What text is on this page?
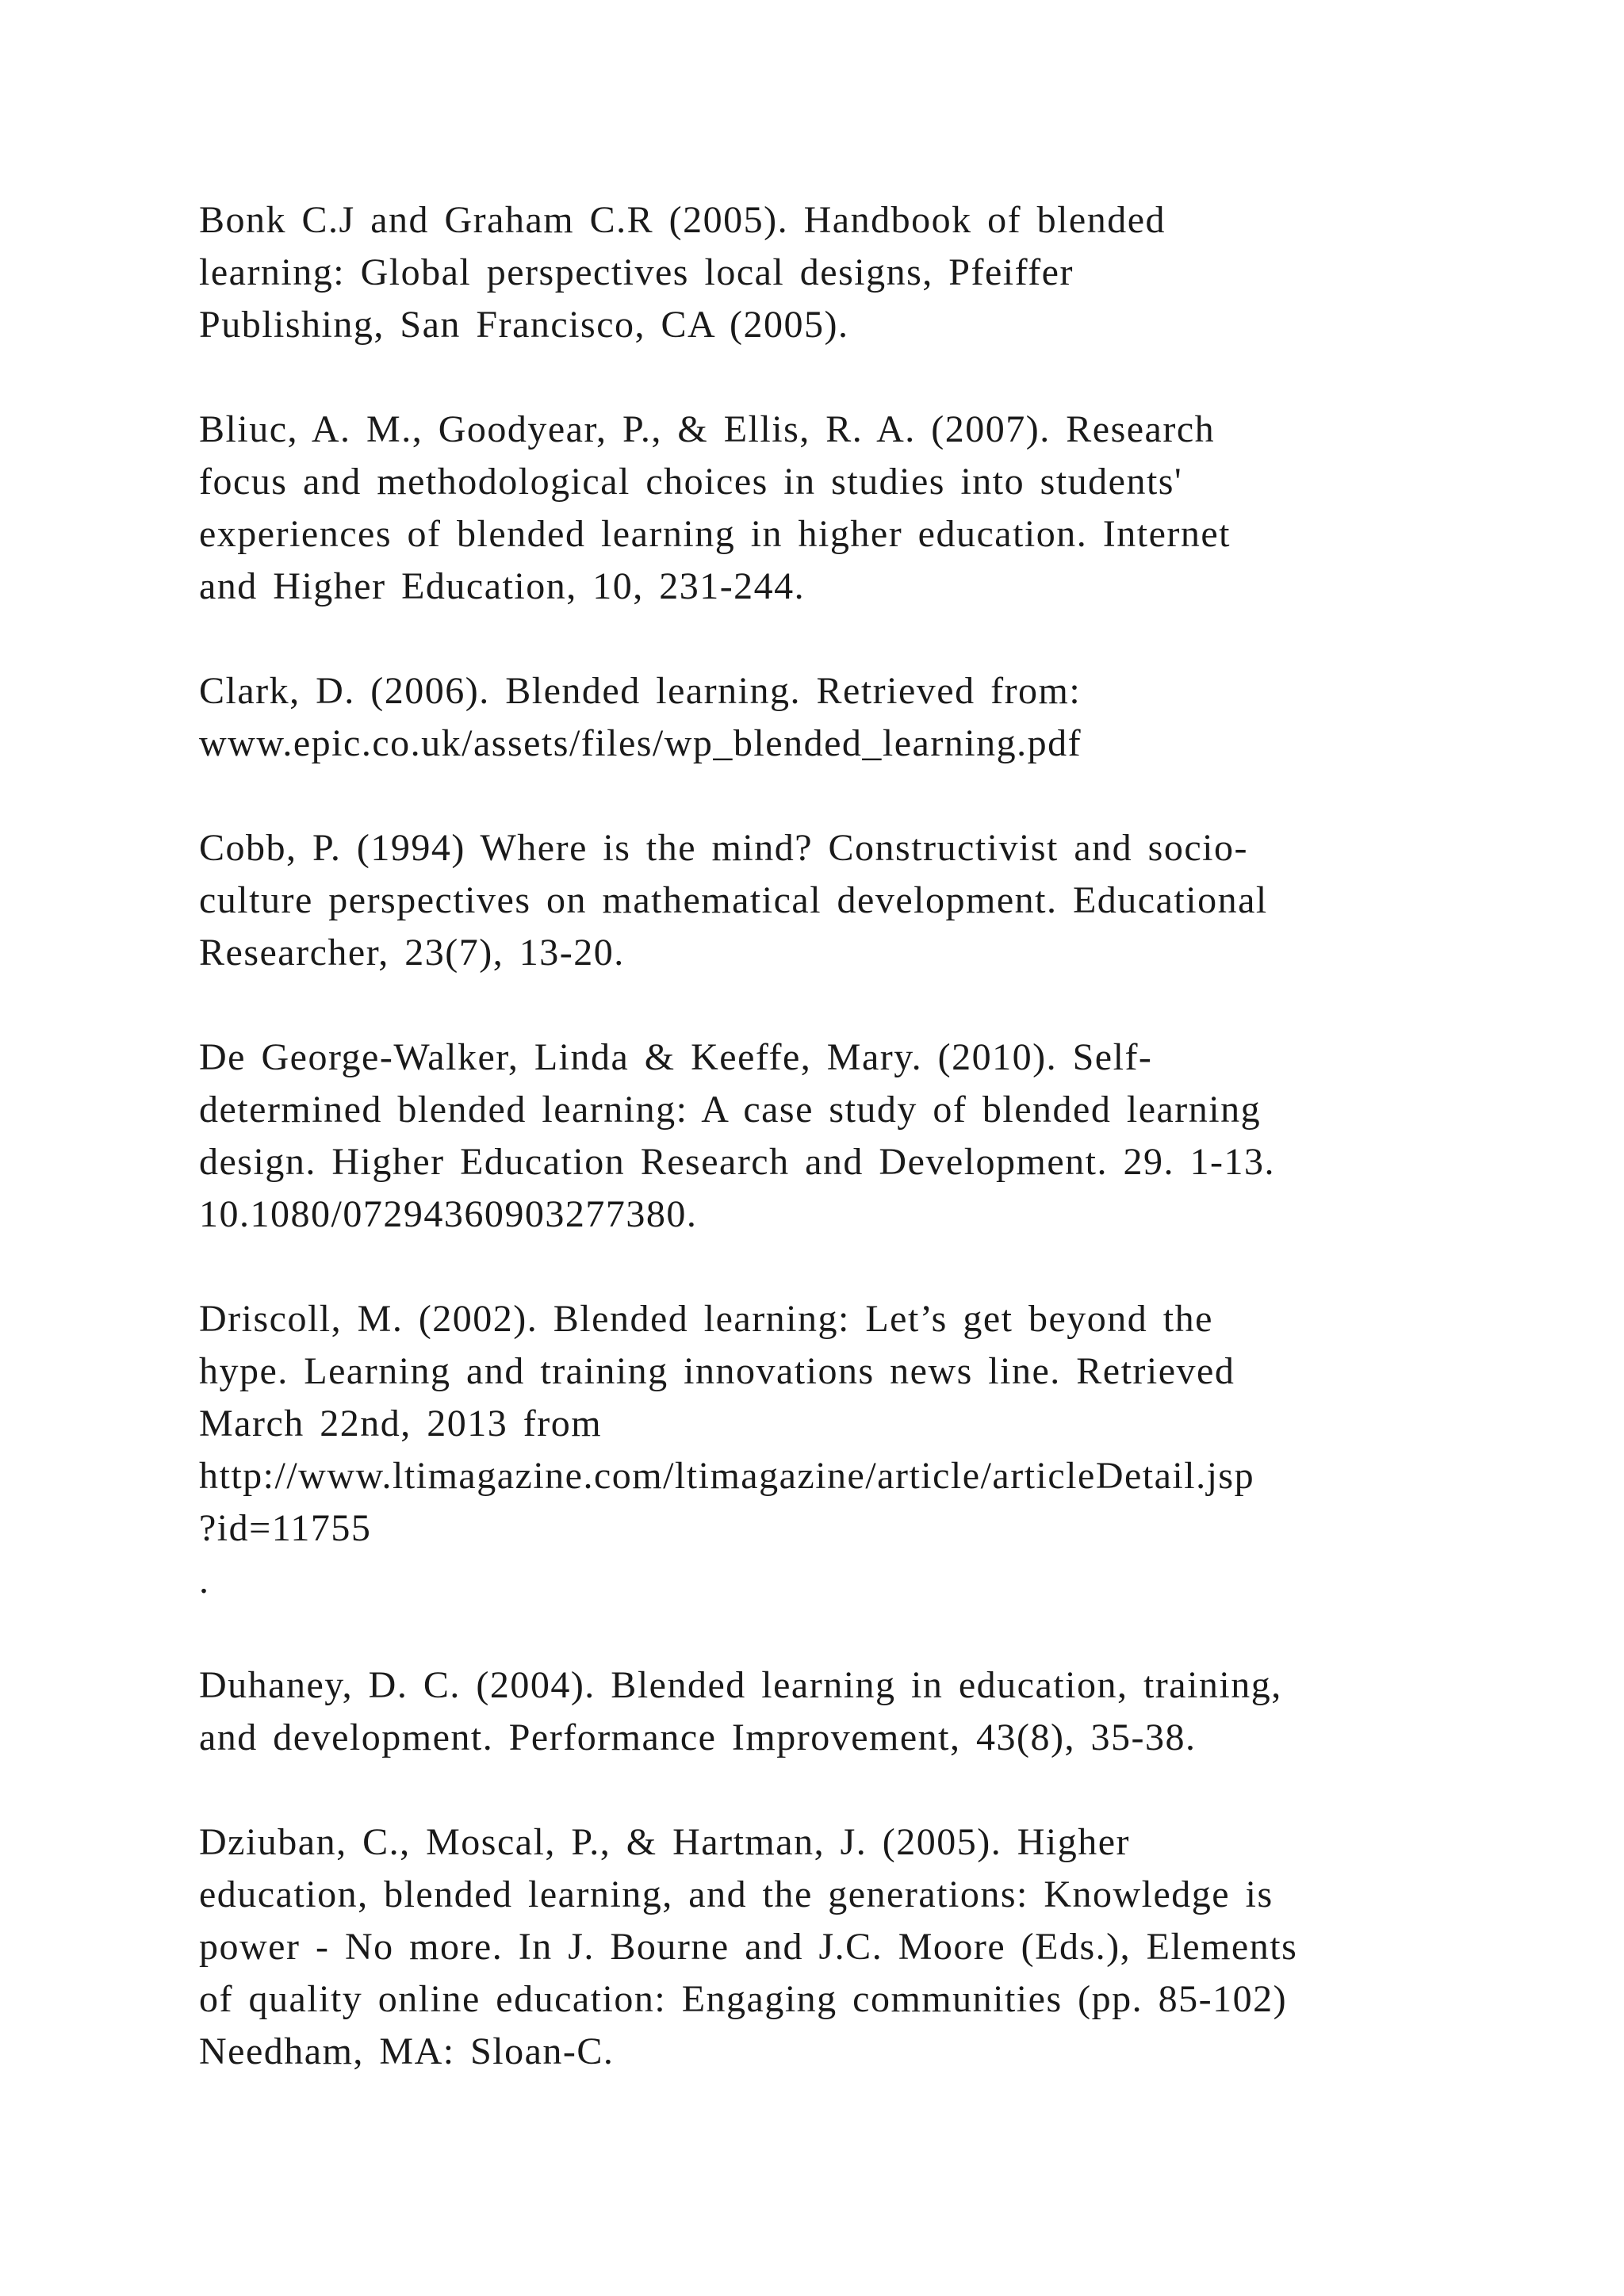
Bonk C.J and Graham C.R (2005). Handbook of blended
learning: Global perspectives local designs, Pfeiffer
Publishing, San Francisco, CA (2005).
Bliuc, A. M., Goodyear, P., & Ellis, R. A. (2007). Research
focus and methodological choices in studies into students'
experiences of blended learning in higher education. Internet
and Higher Education, 10, 231-244.
Clark, D. (2006). Blended learning. Retrieved from:
www.epic.co.uk/assets/files/wp_blended_learning.pdf
Cobb, P. (1994) Where is the mind? Constructivist and socio-
culture perspectives on mathematical development. Educational
Researcher, 23(7), 13-20.
De George-Walker, Linda & Keeffe, Mary. (2010). Self-
determined blended learning: A case study of blended learning
design. Higher Education Research and Development. 29. 1-13.
10.1080/07294360903277380.
Driscoll, M. (2002). Blended learning: Let’s get beyond the
hype. Learning and training innovations news line. Retrieved
March 22nd, 2013 from
http://www.ltimagazine.com/ltimagazine/article/articleDetail.jsp
?id=11755
.
Duhaney, D. C. (2004). Blended learning in education, training,
and development. Performance Improvement, 43(8), 35-38.
Dziuban, C., Moscal, P., & Hartman, J. (2005). Higher
education, blended learning, and the generations: Knowledge is
power - No more. In J. Bourne and J.C. Moore (Eds.), Elements
of quality online education: Engaging communities (pp. 85-102)
Needham, MA: Sloan-C.
